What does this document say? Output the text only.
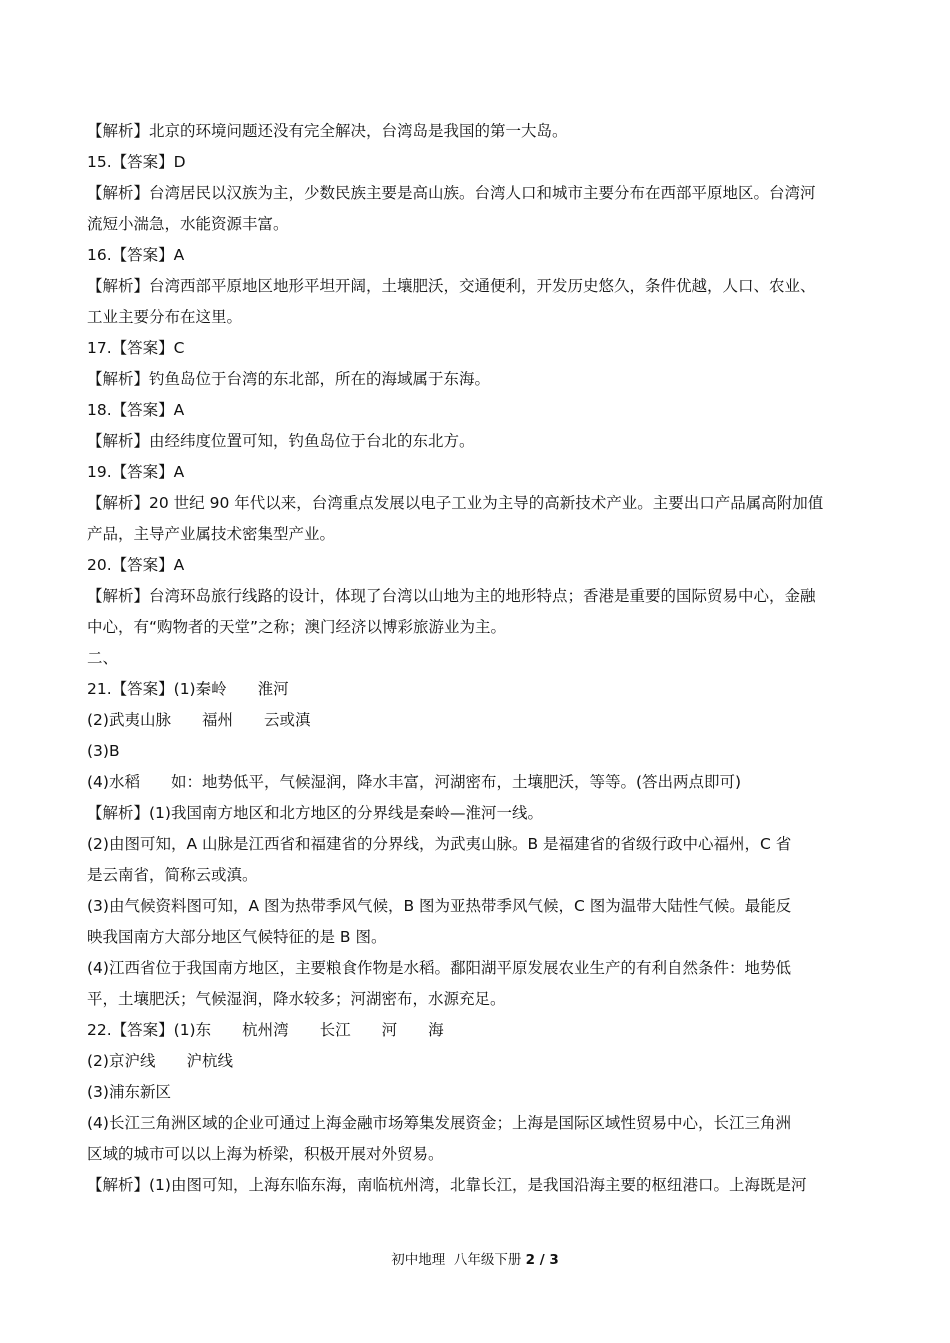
【解析】北京的环境问题还没有完全解决，台湾岛是我国的第一大岛。
15.【答案】D
【解析】台湾居民以汉族为主，少数民族主要是高山族。台湾人口和城市主要分布在西部平原地区。台湾河
流短小湍急，水能资源丰富。
16.【答案】A
【解析】台湾西部平原地区地形平坦开阔，土壤肥沃，交通便利，开发历史悠久，条件优越，人口、农业、
工业主要分布在这里。
17.【答案】C
【解析】钓鱼岛位于台湾的东北部，所在的海域属于东海。
18.【答案】A
【解析】由经纬度位置可知，钓鱼岛位于台北的东北方。
19.【答案】A
【解析】20 世纪 90 年代以来，台湾重点发展以电子工业为主导的高新技术产业。主要出口产品属高附加值
产品，主导产业属技术密集型产业。
20.【答案】A
【解析】台湾环岛旅行线路的设计，体现了台湾以山地为主的地形特点；香港是重要的国际贸易中心，金融
中心，有“购物者的天堂”之称；澳门经济以博彩旅游业为主。
二、
21.【答案】(1)秦岭　　淮河
(2)武夷山脉　　福州　　云或滇
(3)B
(4)水稻　　如：地势低平，气候湿润，降水丰富，河湖密布，土壤肥沃，等等。(答出两点即可)
【解析】(1)我国南方地区和北方地区的分界线是秦岭—淮河一线。
(2)由图可知，A 山脉是江西省和福建省的分界线，为武夷山脉。B 是福建省的省级行政中心福州，C 省
是云南省，简称云或滇。
(3)由气候资料图可知，A 图为热带季风气候，B 图为亚热带季风气候，C 图为温带大陆性气候。最能反
映我国南方大部分地区气候特征的是 B 图。
(4)江西省位于我国南方地区，主要粮食作物是水稻。鄱阳湖平原发展农业生产的有利自然条件：地势低
平，土壤肥沃；气候湿润，降水较多；河湖密布，水源充足。
22.【答案】(1)东　　杭州湾　　长江　　河　　海
(2)京沪线　　沪杭线
(3)浦东新区
(4)长江三角洲区域的企业可通过上海金融市场筹集发展资金；上海是国际区域性贸易中心，长江三角洲
区域的城市可以以上海为桥梁，积极开展对外贸易。
【解析】(1)由图可知，上海东临东海，南临杭州湾，北靠长江，是我国沿海主要的枢纽港口。上海既是河
初中地理  八年级下册 2 / 3
